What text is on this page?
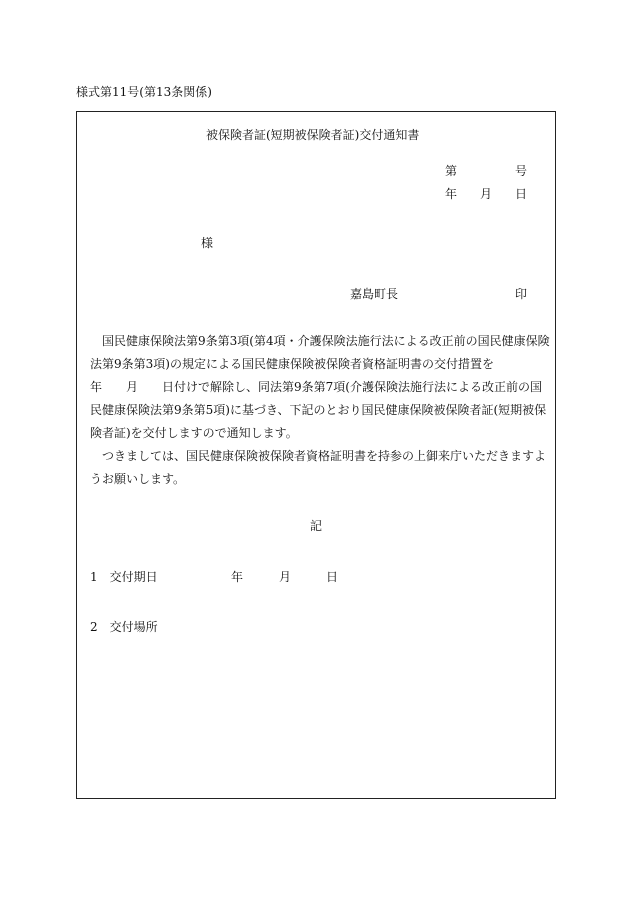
様式第11号(第13条関係)
被保険者証(短期被保険者証)交付通知書
第	号
年 月 日
様
嘉島町長	印
　国民健康保険法第9条第3項(第4項・介護保険法施行法による改正前の国民健康保険
法第9条第3項)の規定による国民健康保険被保険者資格証明書の交付措置を
年　　月　　日付けで解除し、同法第9条第7項(介護保険法施行法による改正前の国
民健康保険法第9条第5項)に基づき、下記のとおり国民健康保険被保険者証(短期被保
険者証)を交付しますので通知します。
　つきましては、国民健康保険被保険者資格証明書を持参の上御来庁いただきますよ
うお願いします。
記
1　交付期日	年	月	日
2　交付場所
